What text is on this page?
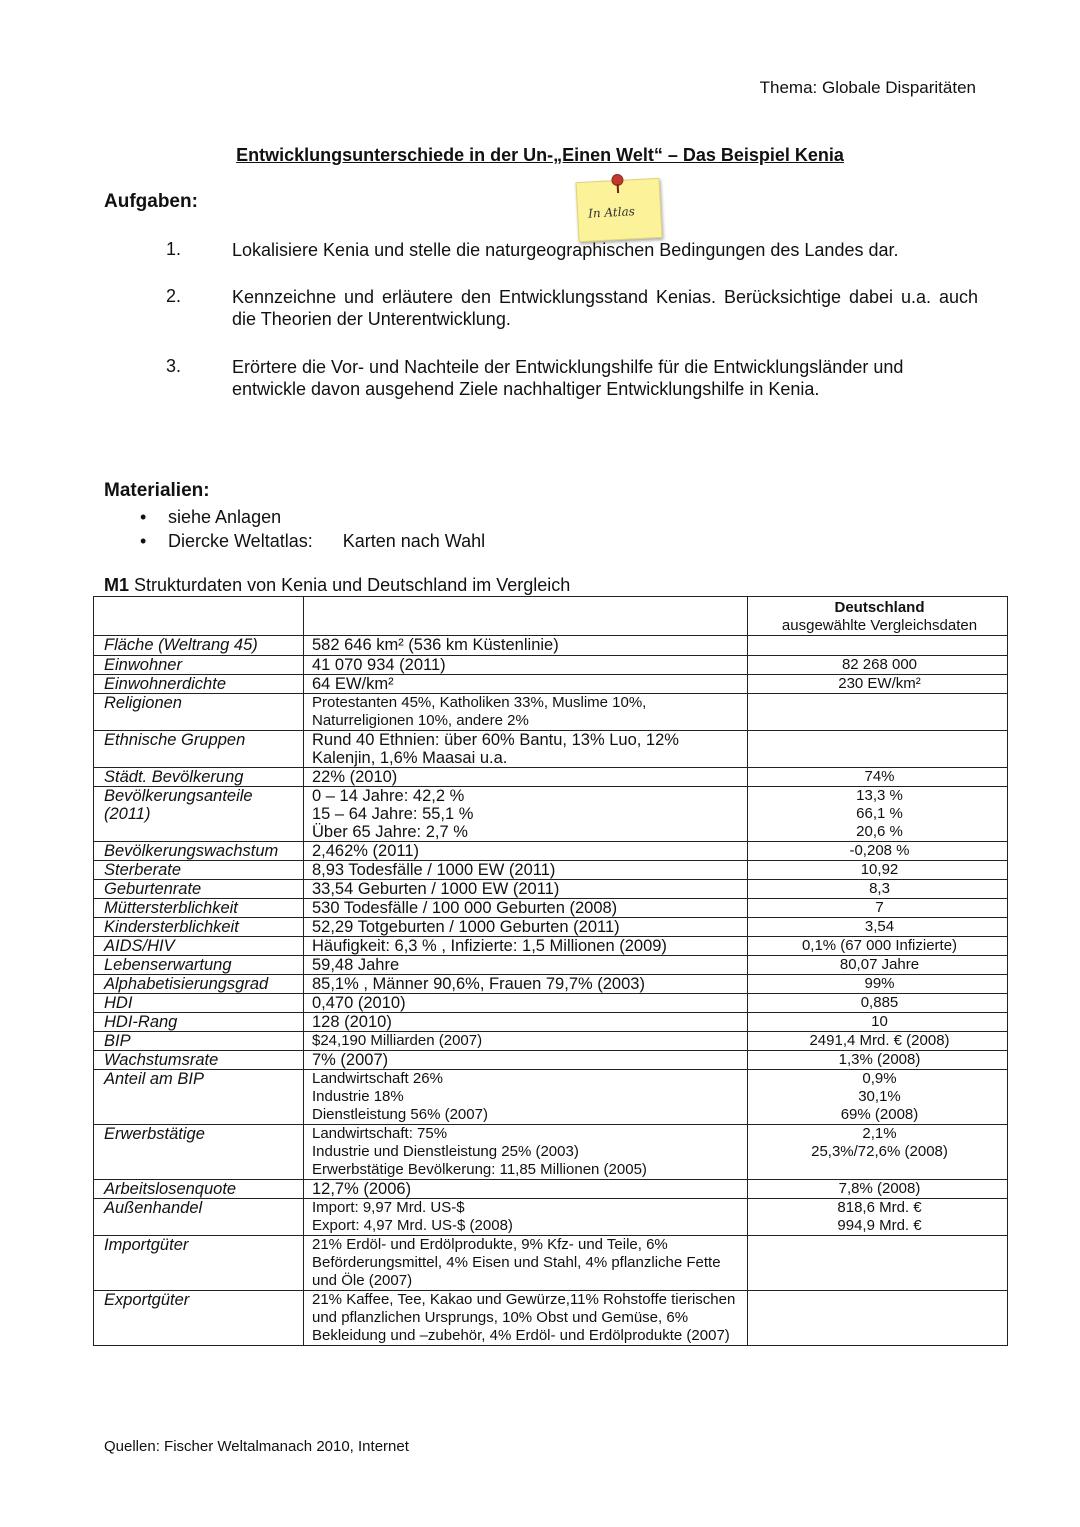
Thema: Globale Disparitäten
Entwicklungsunterschiede in der Un-„Einen Welt“ – Das Beispiel Kenia
Aufgaben:
In Atlas
1.	Lokalisiere Kenia und stelle die naturgeographischen Bedingungen des Landes dar.
2.	Kennzeichne und erläutere den Entwicklungsstand Kenias. Berücksichtige dabei u.a. auch die Theorien der Unterentwicklung.
3.	Erörtere die Vor- und Nachteile der Entwicklungshilfe für die Entwicklungsländer und entwickle davon ausgehend Ziele nachhaltiger Entwicklungshilfe in Kenia.
Materialien:
• siehe Anlagen
• Diercke Weltatlas:      Karten nach Wahl
M1 Strukturdaten von Kenia und Deutschland im Vergleich

		Deutschland
ausgewählte Vergleichsdaten

Fläche (Weltrang 45)	582 646 km² (536 km Küstenlinie)	
Einwohner	41 070 934 (2011)	82 268 000
Einwohnerdichte	64 EW/km²	230 EW/km²
Religionen	Protestanten 45%, Katholiken 33%, Muslime 10%, Naturreligionen 10%, andere 2%	
Ethnische Gruppen	Rund 40 Ethnien: über 60% Bantu, 13% Luo, 12% Kalenjin, 1,6% Maasai u.a.	
Städt. Bevölkerung	22% (2010)	74%
Bevölkerungsanteile (2011)	0 – 14 Jahre: 42,2 %
15 – 64 Jahre: 55,1 %
Über 65 Jahre: 2,7 %	13,3 %
66,1 %
20,6 %
Bevölkerungswachstum	2,462% (2011)	-0,208 %
Sterberate	8,93 Todesfälle / 1000 EW (2011)	10,92
Geburtenrate	33,54 Geburten / 1000 EW (2011)	8,3
Müttersterblichkeit	530 Todesfälle / 100 000 Geburten (2008)	7
Kindersterblichkeit	52,29 Totgeburten / 1000 Geburten (2011)	3,54
AIDS/HIV	Häufigkeit: 6,3 % , Infizierte: 1,5 Millionen (2009)	0,1% (67 000 Infizierte)
Lebenserwartung	59,48 Jahre	80,07 Jahre
Alphabetisierungsgrad	85,1% , Männer 90,6%, Frauen 79,7% (2003)	99%
HDI	0,470 (2010)	0,885
HDI-Rang	128 (2010)	10
BIP	$24,190 Milliarden (2007)	2491,4 Mrd. € (2008)
Wachstumsrate	7% (2007)	1,3% (2008)
Anteil am BIP	Landwirtschaft 26%
Industrie 18%
Dienstleistung 56% (2007)	0,9%
30,1%
69% (2008)
Erwerbstätige	Landwirtschaft: 75%
Industrie und Dienstleistung 25% (2003)
Erwerbstätige Bevölkerung: 11,85 Millionen (2005)	2,1%
25,3%/72,6% (2008)
Arbeitslosenquote	12,7% (2006)	7,8% (2008)
Außenhandel	Import: 9,97 Mrd. US-$
Export: 4,97 Mrd. US-$ (2008)	818,6 Mrd. €
994,9 Mrd. €
Importgüter	21% Erdöl- und Erdölprodukte, 9% Kfz- und Teile, 6% Beförderungsmittel, 4% Eisen und Stahl, 4% pflanzliche Fette und Öle (2007)	
Exportgüter	21% Kaffee, Tee, Kakao und Gewürze,11% Rohstoffe tierischen und pflanzlichen Ursprungs, 10% Obst und Gemüse, 6% Bekleidung und –zubehör, 4% Erdöl- und Erdölprodukte (2007)	
Quellen: Fischer Weltalmanach 2010, Internet
